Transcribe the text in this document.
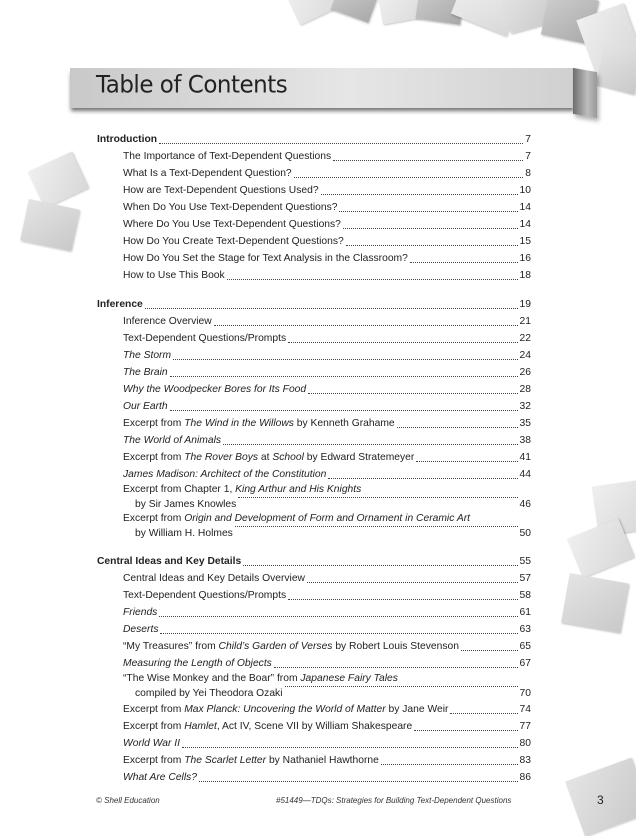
Table of Contents
Introduction	7
The Importance of Text-Dependent Questions	7
What Is a Text-Dependent Question?	8
How are Text-Dependent Questions Used?	10
When Do You Use Text-Dependent Questions?	14
Where Do You Use Text-Dependent Questions?	14
How Do You Create Text-Dependent Questions?	15
How Do You Set the Stage for Text Analysis in the Classroom?	16
How to Use This Book	18
Inference	19
Inference Overview	21
Text-Dependent Questions/Prompts	22
The Storm	24
The Brain	26
Why the Woodpecker Bores for Its Food	28
Our Earth	32
Excerpt from The Wind in the Willows by Kenneth Grahame	35
The World of Animals	38
Excerpt from The Rover Boys at School by Edward Stratemeyer	41
James Madison: Architect of the Constitution	44
Excerpt from Chapter 1, King Arthur and His Knights
by Sir James Knowles	46
Excerpt from Origin and Development of Form and Ornament in Ceramic Art
by William H. Holmes	50
Central Ideas and Key Details	55
Central Ideas and Key Details Overview	57
Text-Dependent Questions/Prompts	58
Friends	61
Deserts	63
“My Treasures” from Child’s Garden of Verses by Robert Louis Stevenson	65
Measuring the Length of Objects	67
“The Wise Monkey and the Boar” from Japanese Fairy Tales
compiled by Yei Theodora Ozaki	70
Excerpt from Max Planck: Uncovering the World of Matter by Jane Weir	74
Excerpt from Hamlet, Act IV, Scene VII by William Shakespeare	77
World War II	80
Excerpt from The Scarlet Letter by Nathaniel Hawthorne	83
What Are Cells?	86
© Shell Education	#51449—TDQs: Strategies for Building Text-Dependent Questions	3
